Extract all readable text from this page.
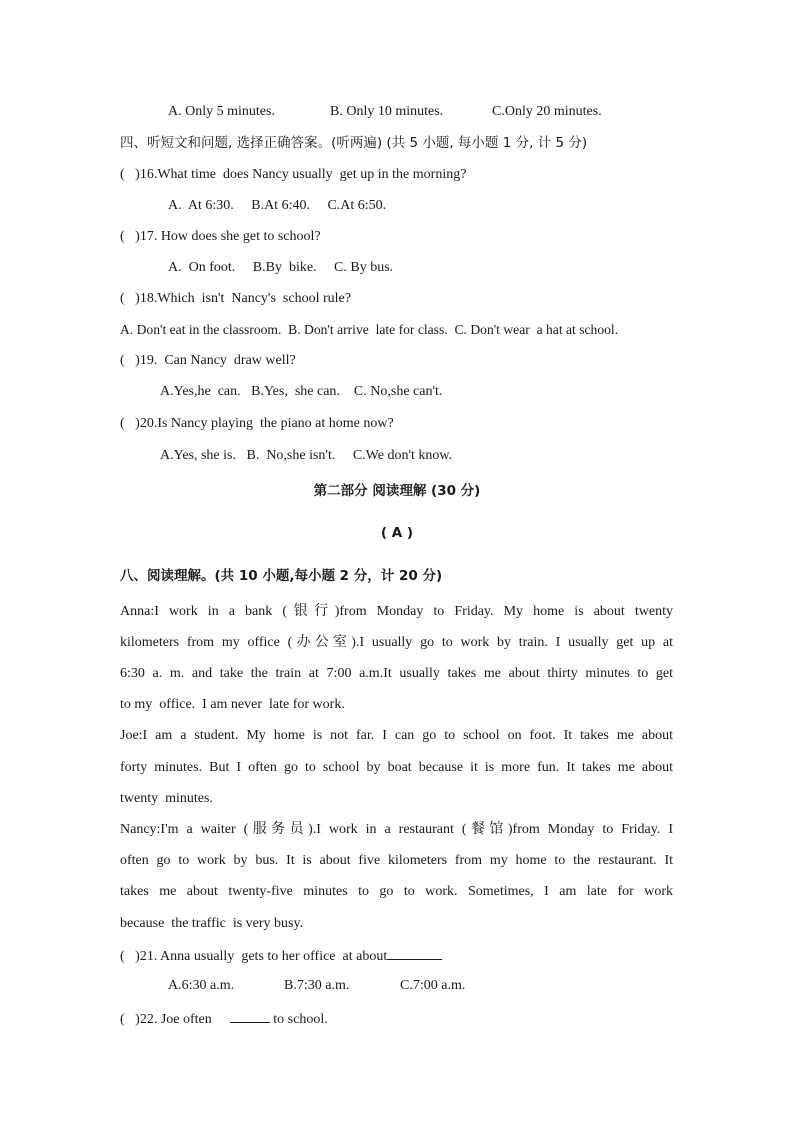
A. Only 5 minutes.	B. Only 10 minutes.	C.Only 20 minutes.
四、听短文和问题, 选择正确答案。(听两遍) (共 5 小题, 每小题 1 分, 计 5 分)
(   )16.What time  does Nancy usually  get up in the morning?
A.  At 6:30.     B.At 6:40.     C.At 6:50.
(   )17. How does she get to school?
A.  On foot.     B.By  bike.     C. By bus.
(   )18.Which  isn't  Nancy's  school rule?
A. Don't eat in the classroom.  B. Don't arrive  late for class.  C. Don't wear  a hat at school.
(   )19.  Can Nancy  draw well?
A.Yes,he  can.   B.Yes,  she can.    C. No,she can't.
(   )20.Is Nancy playing  the piano at home now?
A.Yes, she is.   B.  No,she isn't.     C.We don't know.
第二部分 阅读理解 (30 分)
( A )
八、阅读理解。(共 10 小题,每小题 2 分，计 20 分)
Anna:I work in a bank (银行)from Monday to Friday. My home is about twenty
kilometers from my office (办公室).I usually go to work by train. I usually get up at
6:30 a. m. and take the train at 7:00 a.m.It usually takes me about thirty minutes to get
to my  office.  I am never  late for work.
Joe:I am a student. My home is not far. I can go to school on foot. It takes me about
forty minutes. But I often go to school by boat because it is more fun. It takes me about
twenty  minutes.
Nancy:I'm a waiter (服务员).I work in a restaurant (餐馆)from Monday to Friday. I
often go to work by bus. It is about five kilometers from my home to the restaurant. It
takes me about twenty-five minutes to go to work. Sometimes, I am late for work
because  the traffic  is very busy.
(   )21. Anna usually  gets to her office  at about
A.6:30 a.m.	B.7:30 a.m.	C.7:00 a.m.
(   )22. Joe often	to school.
